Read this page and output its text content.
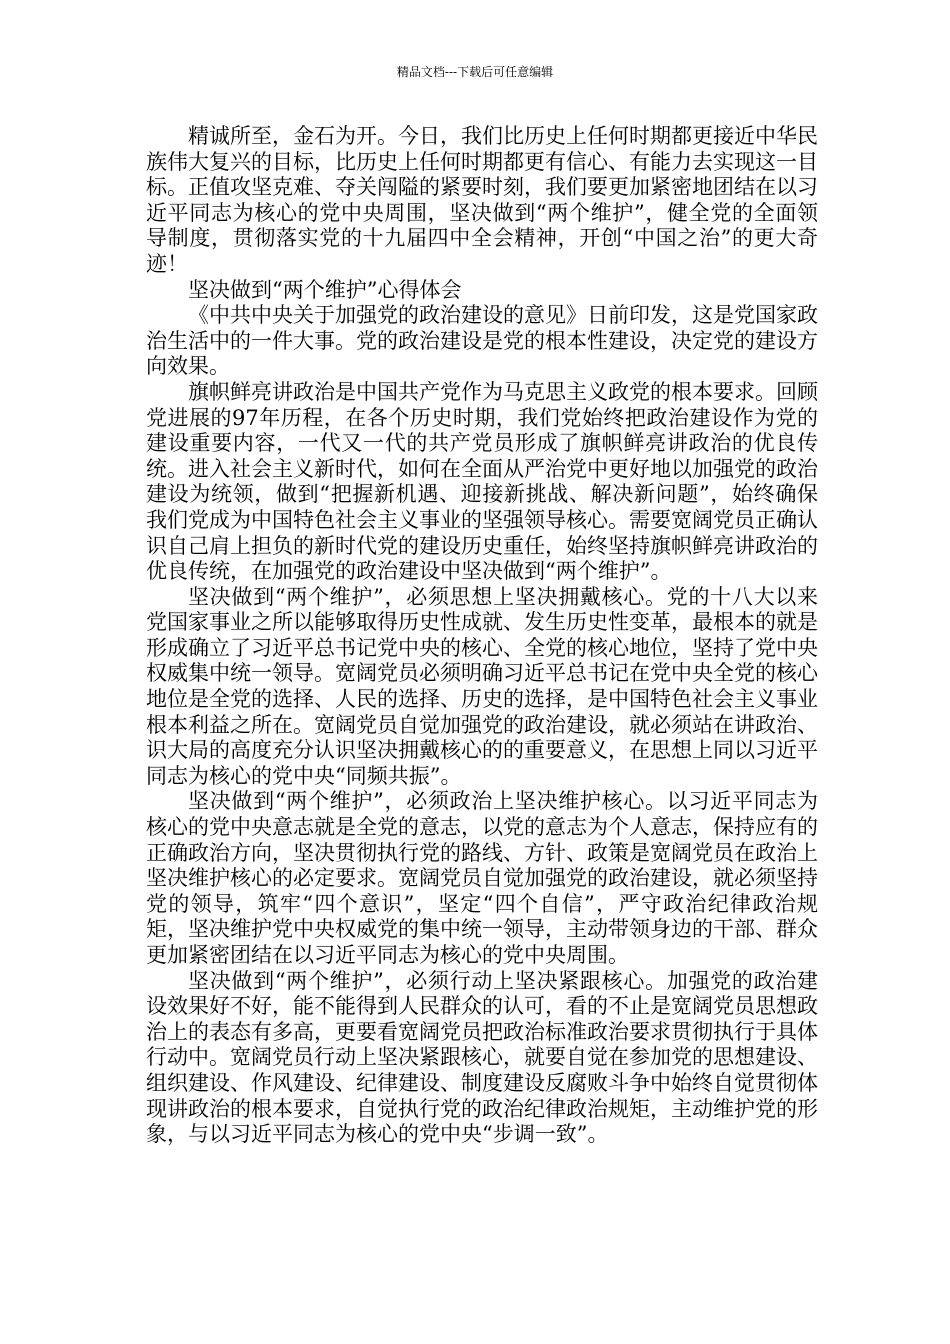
精品文档---下载后可任意编辑

精诚所至，金石为开。今日，我们比历史上任何时期都更接近中华民族伟大复兴的目标，比历史上任何时期都更有信心、有能力去实现这一目标。正值攻坚克难、夺关闯隘的紧要时刻，我们要更加紧密地团结在以习近平同志为核心的党中央周围，坚决做到“两个维护”，健全党的全面领导制度，贯彻落实党的十九届四中全会精神，开创“中国之治”的更大奇迹！

坚决做到“两个维护”心得体会

《中共中央关于加强党的政治建设的意见》日前印发，这是党国家政治生活中的一件大事。党的政治建设是党的根本性建设，决定党的建设方向效果。

旗帜鲜亮讲政治是中国共产党作为马克思主义政党的根本要求。回顾党进展的97年历程，在各个历史时期，我们党始终把政治建设作为党的建设重要内容，一代又一代的共产党员形成了旗帜鲜亮讲政治的优良传统。进入社会主义新时代，如何在全面从严治党中更好地以加强党的政治建设为统领，做到“把握新机遇、迎接新挑战、解决新问题”，始终确保我们党成为中国特色社会主义事业的坚强领导核心。需要宽阔党员正确认识自己肩上担负的新时代党的建设历史重任，始终坚持旗帜鲜亮讲政治的优良传统，在加强党的政治建设中坚决做到“两个维护”。

坚决做到“两个维护”，必须思想上坚决拥戴核心。党的十八大以来党国家事业之所以能够取得历史性成就、发生历史性变革，最根本的就是形成确立了习近平总书记党中央的核心、全党的核心地位，坚持了党中央权威集中统一领导。宽阔党员必须明确习近平总书记在党中央全党的核心地位是全党的选择、人民的选择、历史的选择，是中国特色社会主义事业根本利益之所在。宽阔党员自觉加强党的政治建设，就必须站在讲政治、识大局的高度充分认识坚决拥戴核心的的重要意义，在思想上同以习近平同志为核心的党中央“同频共振”。

坚决做到“两个维护”，必须政治上坚决维护核心。以习近平同志为核心的党中央意志就是全党的意志，以党的意志为个人意志，保持应有的正确政治方向，坚决贯彻执行党的路线、方针、政策是宽阔党员在政治上坚决维护核心的必定要求。宽阔党员自觉加强党的政治建设，就必须坚持党的领导，筑牢“四个意识”，坚定“四个自信”，严守政治纪律政治规矩，坚决维护党中央权威党的集中统一领导，主动带领身边的干部、群众更加紧密团结在以习近平同志为核心的党中央周围。

坚决做到“两个维护”，必须行动上坚决紧跟核心。加强党的政治建设效果好不好，能不能得到人民群众的认可，看的不止是宽阔党员思想政治上的表态有多高，更要看宽阔党员把政治标准政治要求贯彻执行于具体行动中。宽阔党员行动上坚决紧跟核心，就要自觉在参加党的思想建设、组织建设、作风建设、纪律建设、制度建设反腐败斗争中始终自觉贯彻体现讲政治的根本要求，自觉执行党的政治纪律政治规矩，主动维护党的形象，与以习近平同志为核心的党中央“步调一致”。
